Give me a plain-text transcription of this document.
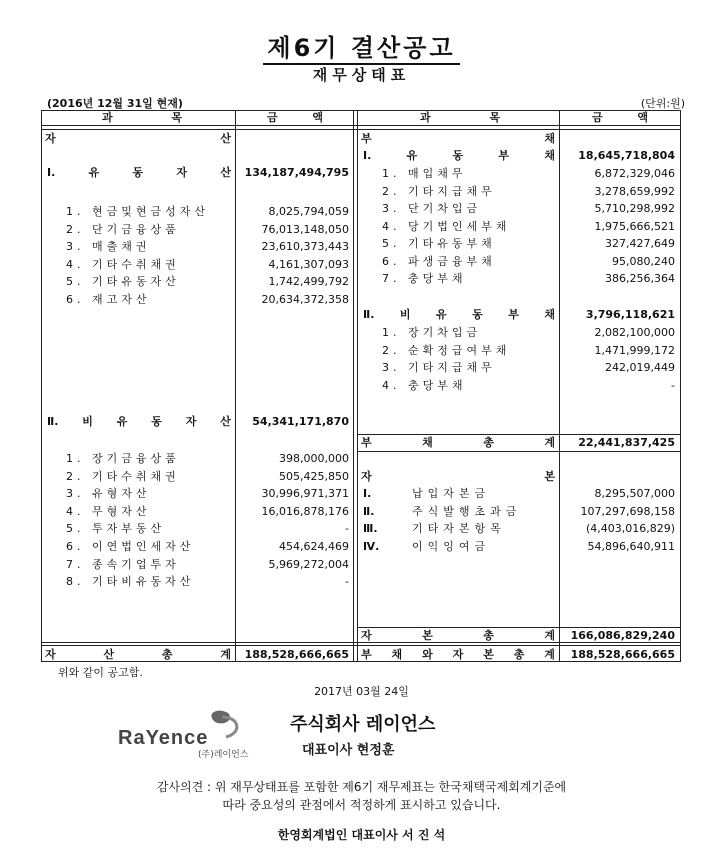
제6기 결산공고
재무상태표
(2016년 12월 31일 현재)	(단위:원)
과	목	금	액	과	목	금	액
자	산
Ⅰ.	유	동	자	산	134,187,494,795
1. 현금및현금성자산	8,025,794,059
2. 단기금융상품	76,013,148,050
3. 매출채권	23,610,373,443
4. 기타수취채권	4,161,307,093
5. 기타유동자산	1,742,499,792
6. 재고자산	20,634,372,358
Ⅱ. 비 유 동 자 산	54,341,171,870
1. 장기금융상품	398,000,000
2. 기타수취채권	505,425,850
3. 유형자산	30,996,971,371
4. 무형자산	16,016,878,176
5. 투자부동산	-
6. 이연법인세자산	454,624,469
7. 종속기업투자	5,969,272,004
8. 기타비유동자산	-
자	산	총	계	188,528,666,665
부	채
Ⅰ.	유	동	부	채	18,645,718,804
1. 매입채무	6,872,329,046
2. 기타지급채무	3,278,659,992
3. 단기차입금	5,710,298,992
4. 당기법인세부채	1,975,666,521
5. 기타유동부채	327,427,649
6. 파생금융부채	95,080,240
7. 충당부채	386,256,364
Ⅱ. 비 유 동 부 채	3,796,118,621
1. 장기차입금	2,082,100,000
2. 순확정급여부채	1,471,999,172
3. 기타지급채무	242,019,449
4. 충당부채	-
부	채	총	계	22,441,837,425
자	본
Ⅰ.	납입자본금	8,295,507,000
Ⅱ.	주식발행초과금	107,297,698,158
Ⅲ.	기타자본항목	(4,403,016,829)
Ⅳ.	이익잉여금	54,896,640,911
자	본	총	계	166,086,829,240
부 채 와 자 본 총 계	188,528,666,665
위와 같이 공고함.
2017년 03월 24일
RaYence
(주)레이언스
주식회사 레이언스
대표이사 현정훈
감사의견 : 위 재무상태표를 포함한 제6기 재무제표는 한국채택국제회계기준에
따라 중요성의 관점에서 적정하게 표시하고 있습니다.
한영회계법인 대표이사 서 진 석
